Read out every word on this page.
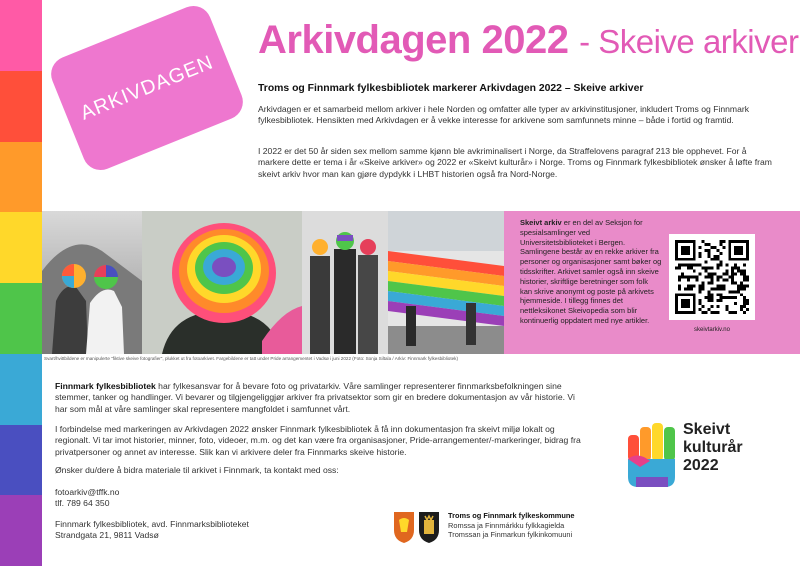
ARKIVDAGEN
Arkivdagen 2022 - Skeive arkiver
Troms og Finnmark fylkesbibliotek markerer Arkivdagen 2022 – Skeive arkiver
Arkivdagen er et samarbeid mellom arkiver i hele Norden og omfatter alle typer av arkivinstitusjoner, inkludert Troms og Finnmark fylkesbibliotek. Hensikten med Arkivdagen er å vekke interesse for arkivene som samfunnets minne – både i fortid og framtid.
I 2022 er det 50 år siden sex mellom samme kjønn ble avkriminalisert i Norge, da Straffelovens paragraf 213 ble opphevet. For å markere dette er tema i år «Skeive arkiver» og 2022 er «Skeivt kulturår» i Norge. Troms og Finnmark fylkesbibliotek ønsker å løfte fram skeivt arkiv hvor man kan gjøre dypdykk i LHBT historien også fra Nord-Norge.
Svart/hvittbildene er manipulerte "fiktive skeive fotografier", plukket ut fra fotoarkivet. Fargebildene er tatt under Pride arrangementet i Vadsø i juni 2022 (Foto: Sonja Siltala / Arkiv: Finnmark fylkesbibliotek)
Skeivt arkiv er en del av Seksjon for spesialsamlinger ved Universitetsbiblioteket i Bergen. Samlingene består av en rekke arkiver fra personer og organisasjoner samt bøker og tidsskrifter. Arkivet samler også inn skeive historier, skriftlige beretninger som folk kan skrive anonymt og poste på arkivets hjemmeside. I tillegg finnes det nettleksikonet Skeivopedia som blir kontinuerlig oppdatert med nye artikler.
skeivtarkiv.no
Finnmark fylkesbibliotek har fylkesansvar for å bevare foto og privatarkiv. Våre samlinger representerer finnmarksbefolkningen sine stemmer, tanker og handlinger. Vi bevarer og tilgjengeliggjør arkiver fra privatsektor som gir en bredere dokumentasjon av vår historie. Vi har som mål at våre samlinger skal representere mangfoldet i samfunnet vårt.
I forbindelse med markeringen av Arkivdagen 2022 ønsker Finnmark fylkesbibliotek å få inn dokumentasjon fra skeivt miljø lokalt og regionalt. Vi tar imot historier, minner, foto, videoer, m.m. og det kan være fra organisasjoner, Pride-arrangementer/-markeringer, bidrag fra privatpersoner og annet av interesse. Slik kan vi arkivere deler fra Finnmarks skeive historie.
Ønsker du/dere å bidra materiale til arkivet i Finnmark, ta kontakt med oss:
fotoarkiv@tffk.no
tlf. 789 64 350
Finnmark fylkesbibliotek, avd. Finnmarksbiblioteket
Strandgata 21, 9811 Vadsø
Skeivt
kulturår
2022
Troms og Finnmark fylkeskommune
Romssa ja Finnmárkku fylkkagielda
Tromssan ja Finmarkun fylkinkomuuni
